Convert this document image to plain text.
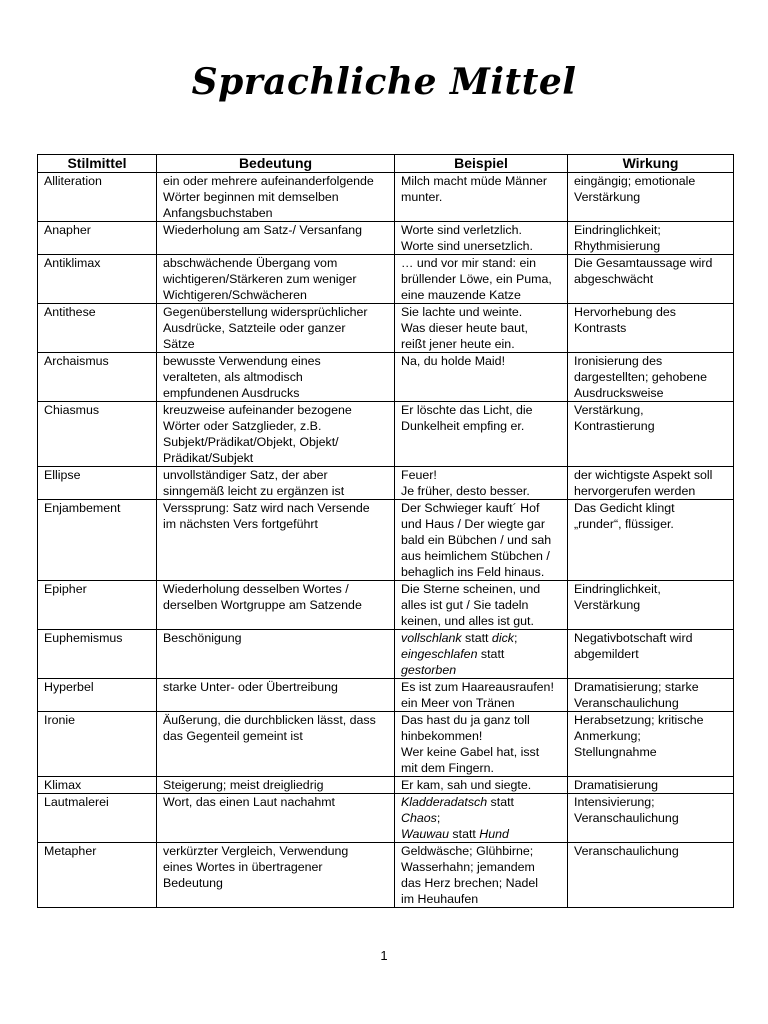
Sprachliche Mittel
Stilmittel	Bedeutung	Beispiel	Wirkung
Alliteration	ein oder mehrere aufeinanderfolgende
Wörter beginnen mit demselben
Anfangsbuchstaben	Milch macht müde Männer
munter.	eingängig; emotionale
Verstärkung

Anapher	Wiederholung am Satz-/ Versanfang	Worte sind verletzlich.
Worte sind unersetzlich.	Eindringlichkeit;
Rhythmisierung

Antiklimax	abschwächende Übergang vom
wichtigeren/Stärkeren zum weniger
Wichtigeren/Schwächeren	… und vor mir stand: ein
brüllender Löwe, ein Puma,
eine mauzende Katze	Die Gesamtaussage wird
abgeschwächt

Antithese	Gegenüberstellung widersprüchlicher
Ausdrücke, Satzteile oder ganzer
Sätze	Sie lachte und weinte.
Was dieser heute baut,
reißt jener heute ein.	Hervorhebung des
Kontrasts

Archaismus	bewusste Verwendung eines
veralteten, als altmodisch
empfundenen Ausdrucks	Na, du holde Maid!	Ironisierung des
dargestellten; gehobene
Ausdrucksweise

Chiasmus	kreuzweise aufeinander bezogene
Wörter oder Satzglieder, z.B.
Subjekt/Prädikat/Objekt, Objekt/
Prädikat/Subjekt	Er löschte das Licht, die
Dunkelheit empfing er.	Verstärkung,
Kontrastierung

Ellipse	unvollständiger Satz, der aber
sinngemäß leicht zu ergänzen ist	Feuer!
Je früher, desto besser.	der wichtigste Aspekt soll
hervorgerufen werden

Enjambement	Verssprung: Satz wird nach Versende
im nächsten Vers fortgeführt	Der Schwieger kauft´ Hof
und Haus / Der wiegte gar
bald ein Bübchen / und sah
aus heimlichem Stübchen /
behaglich ins Feld hinaus.	Das Gedicht klingt
„runder“, flüssiger.

Epipher	Wiederholung desselben Wortes /
derselben Wortgruppe am Satzende	Die Sterne scheinen, und
alles ist gut / Sie tadeln
keinen, und alles ist gut.	Eindringlichkeit,
Verstärkung

Euphemismus	Beschönigung	vollschlank statt dick;
eingeschlafen statt
gestorben	Negativbotschaft wird
abgemildert

Hyperbel	starke Unter- oder Übertreibung	Es ist zum Haareausraufen!
ein Meer von Tränen	Dramatisierung; starke
Veranschaulichung

Ironie	Äußerung, die durchblicken lässt, dass
das Gegenteil gemeint ist	Das hast du ja ganz toll
hinbekommen!
Wer keine Gabel hat, isst
mit dem Fingern.	Herabsetzung; kritische
Anmerkung;
Stellungnahme

Klimax	Steigerung; meist dreigliedrig	Er kam, sah und siegte.	Dramatisierung

Lautmalerei	Wort, das einen Laut nachahmt	Kladderadatsch statt
Chaos;
Wauwau statt Hund	Intensivierung;
Veranschaulichung

Metapher	verkürzter Vergleich, Verwendung
eines Wortes in übertragener
Bedeutung	Geldwäsche; Glühbirne;
Wasserhahn; jemandem
das Herz brechen; Nadel
im Heuhaufen	Veranschaulichung
1
